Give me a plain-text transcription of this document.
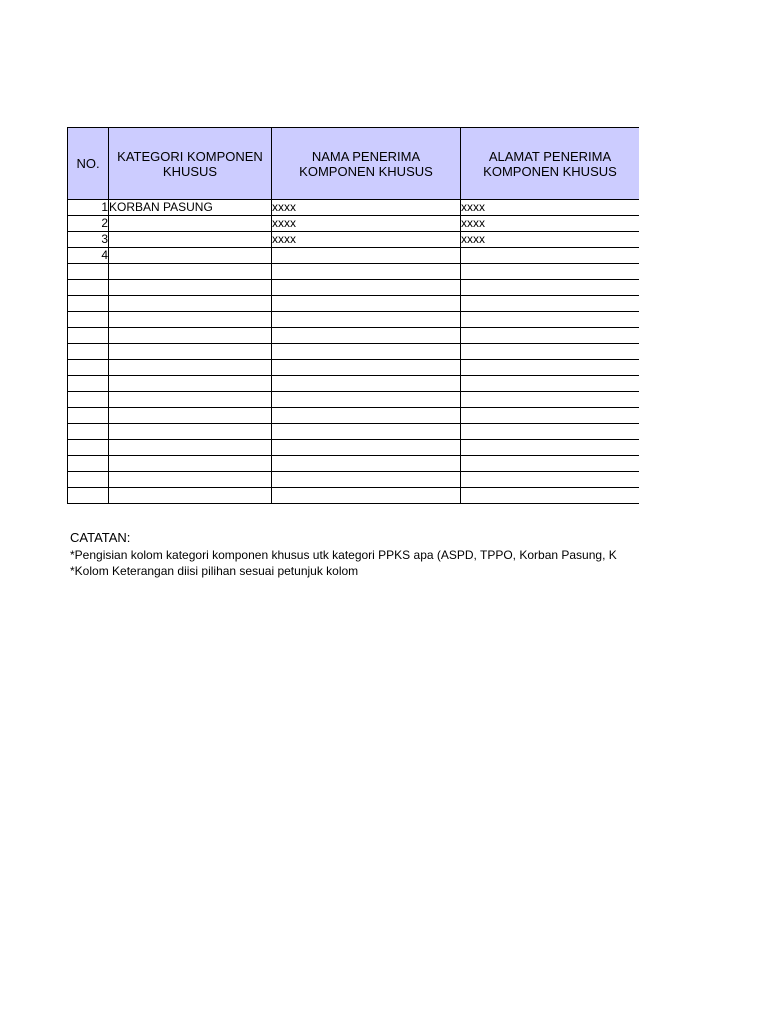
NO.	KATEGORI KOMPONEN KHUSUS	NAMA PENERIMA KOMPONEN KHUSUS	ALAMAT PENERIMA KOMPONEN KHUSUS
1	KORBAN PASUNG	xxxx	xxxx
2		xxxx	xxxx
3		xxxx	xxxx
4			

CATATAN:
*Pengisian kolom kategori komponen khusus utk kategori PPKS apa (ASPD, TPPO, Korban Pasung, K
*Kolom Keterangan diisi pilihan sesuai petunjuk kolom
